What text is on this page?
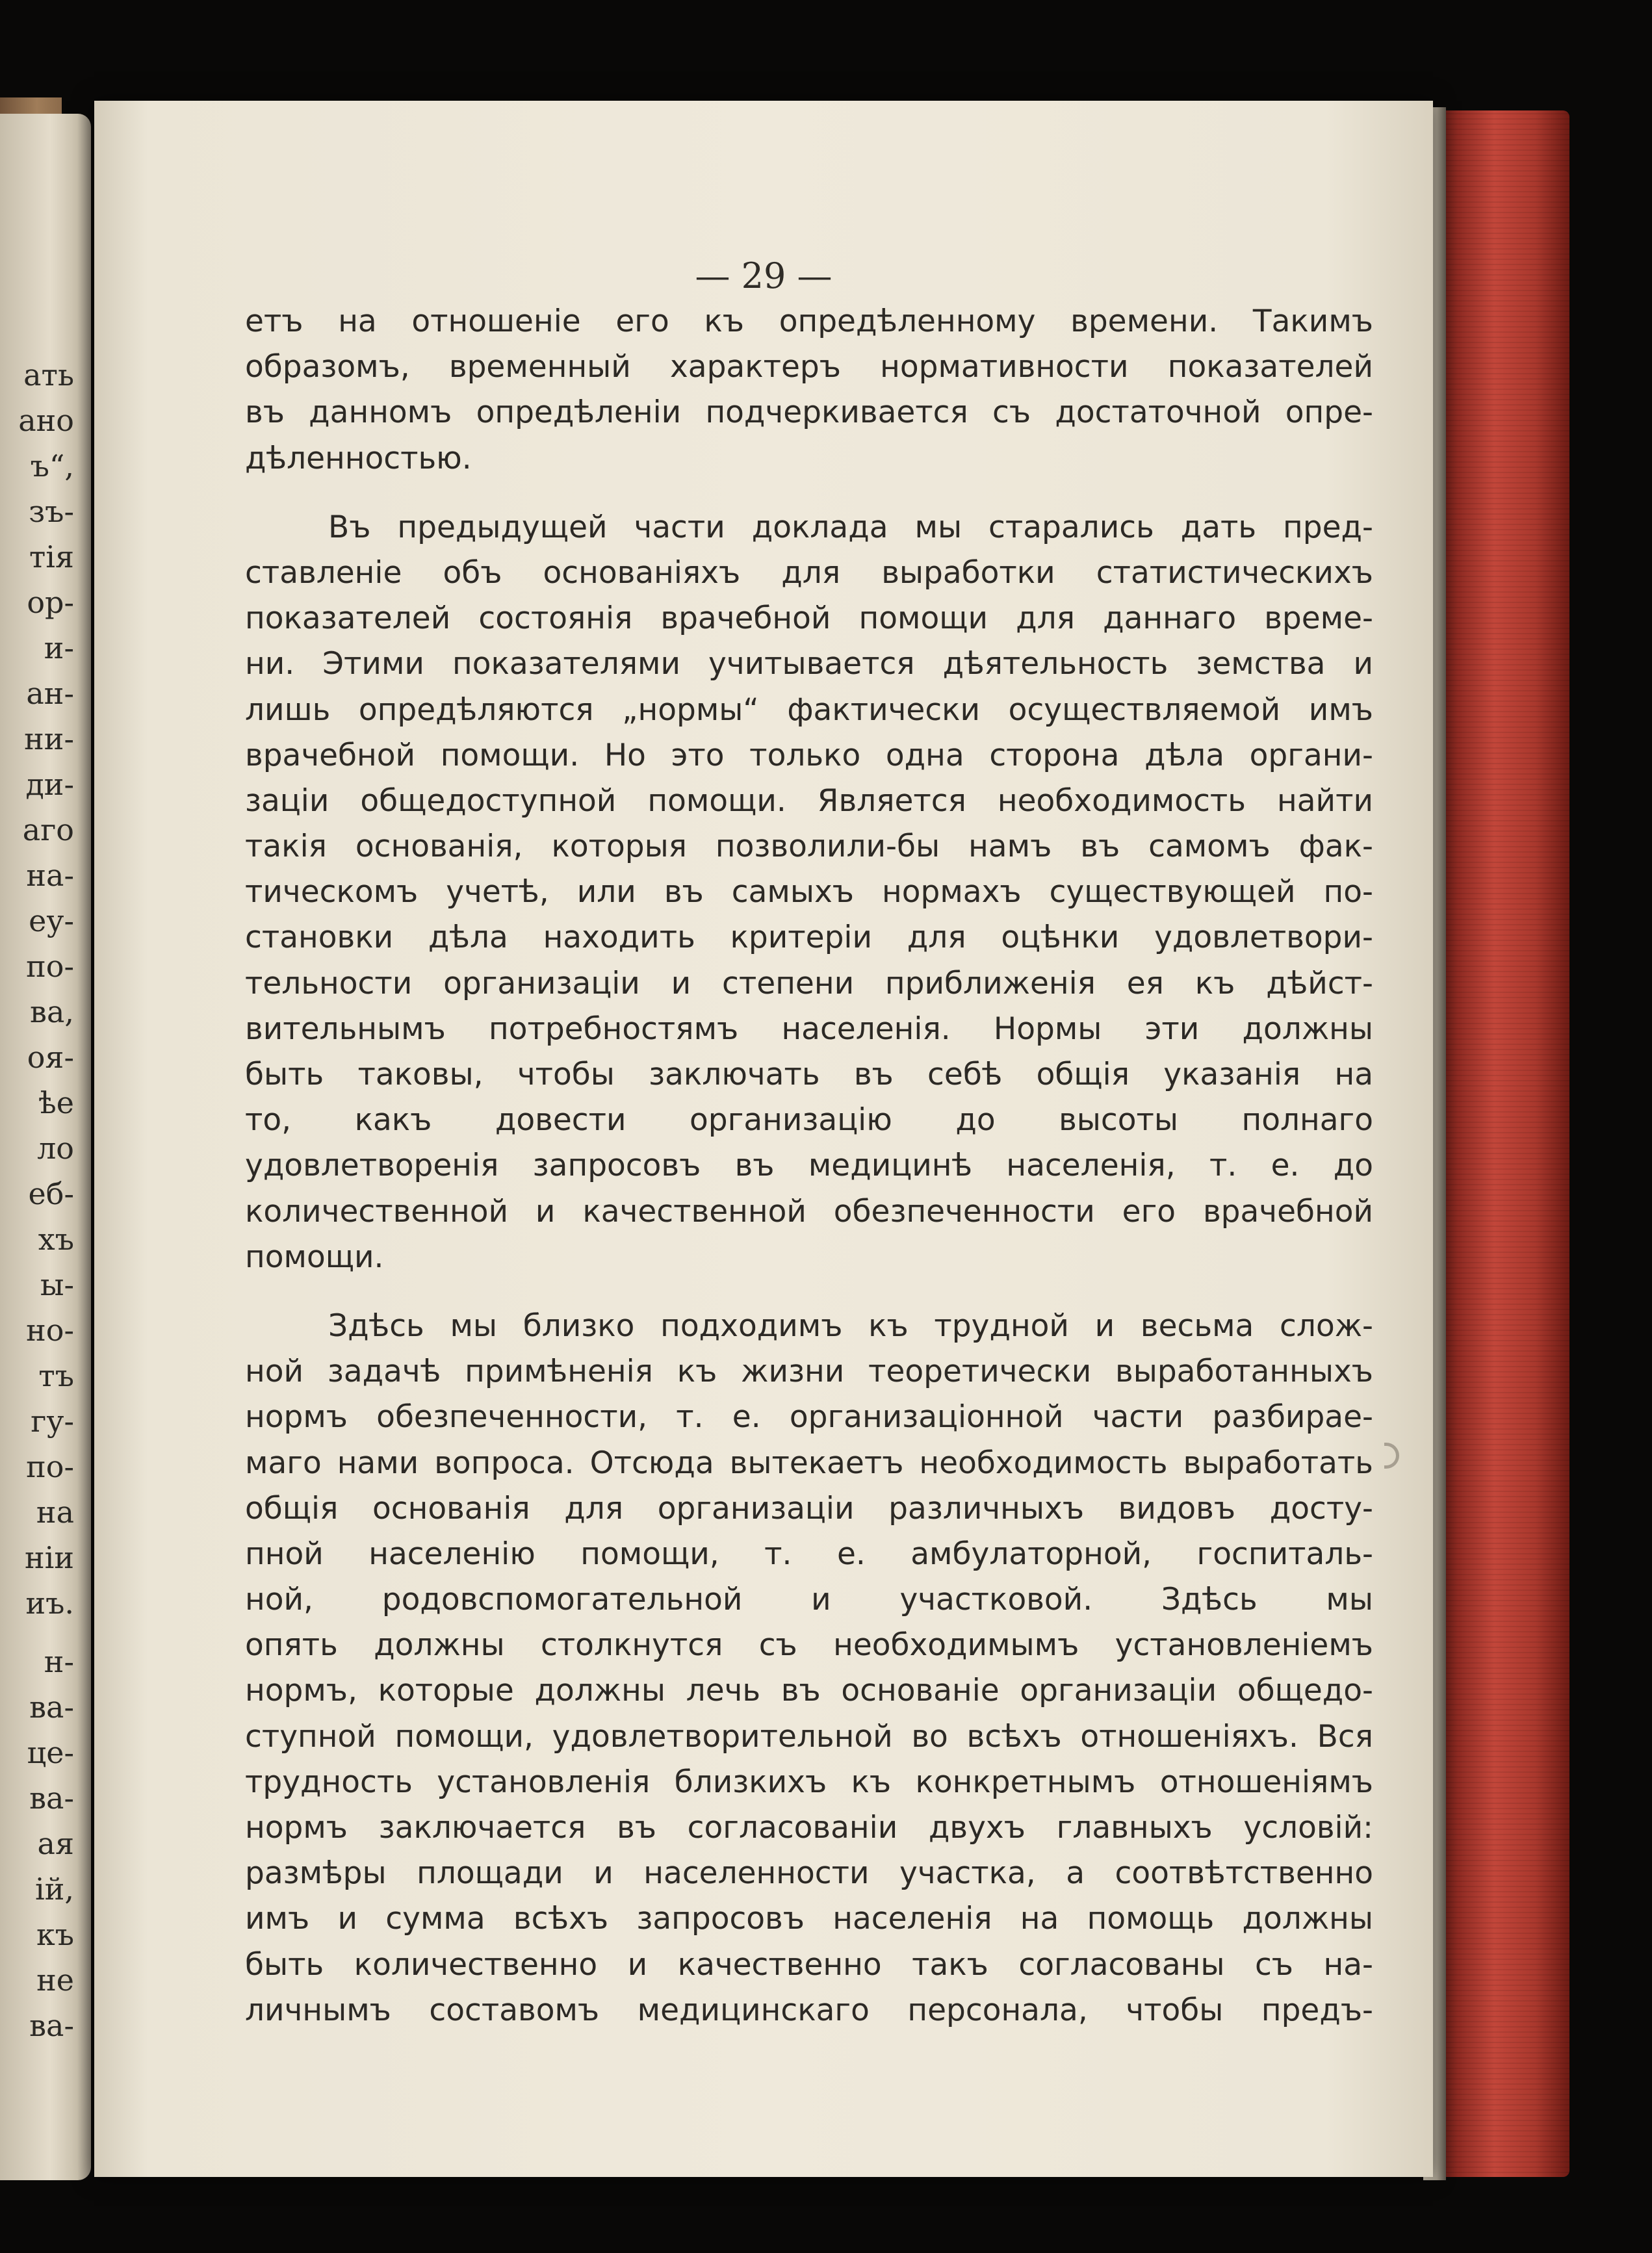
ать

ано

ъ“,

зъ-

тія

ор-

и-

ан-

ни-

ди-

аго

на-

еу-

по-

ва,

оя-

ѣе

ло

еб-

хъ

ы-

но-

тъ

гу-

по-

на

ніи

иъ.

н-

ва-

це-

ва-

ая

ій,

къ

не

ва-

— 29 —

етъ на отношеніе его къ опредѣленному времени. Такимъ

образомъ, временный характеръ нормативности показателей

въ данномъ опредѣленіи подчеркивается съ достаточной опре-

дѣленностью.

Въ предыдущей части доклада мы старались дать пред-

ставленіе объ основаніяхъ для выработки статистическихъ

показателей состоянія врачебной помощи для даннаго време-

ни. Этими показателями учитывается дѣятельность земства и

лишь опредѣляются „нормы“ фактически осуществляемой имъ

врачебной помощи. Но это только одна сторона дѣла органи-

заціи общедоступной помощи. Является необходимость найти

такія основанія, которыя позволили-бы намъ въ самомъ фак-

тическомъ учетѣ, или въ самыхъ нормахъ существующей по-

становки дѣла находить критеріи для оцѣнки удовлетвори-

тельности организаціи и степени приближенія ея къ дѣйст-

вительнымъ потребностямъ населенія. Нормы эти должны

быть таковы, чтобы заключать въ себѣ общія указанія на

то, какъ довести организацію до высоты полнаго

удовлетворенія запросовъ въ медицинѣ населенія, т. е. до

количественной и качественной обезпеченности его врачебной

помощи.

Здѣсь мы близко подходимъ къ трудной и весьма слож-

ной задачѣ примѣненія къ жизни теоретически выработанныхъ

нормъ обезпеченности, т. е. организаціонной части разбирае-

маго нами вопроса. Отсюда вытекаетъ необходимость выработать

общія основанія для организаціи различныхъ видовъ досту-

пной населенію помощи, т. е. амбулаторной, госпиталь-

ной, родовспомогательной и участковой. Здѣсь мы

опять должны столкнутся съ необходимымъ установленіемъ

нормъ, которые должны лечь въ основаніе организаціи общедо-

ступной помощи, удовлетворительной во всѣхъ отношеніяхъ. Вся

трудность установленія близкихъ къ конкретнымъ отношеніямъ

нормъ заключается въ согласованіи двухъ главныхъ условій:

размѣры площади и населенности участка, а соотвѣтственно

имъ и сумма всѣхъ запросовъ населенія на помощь должны

быть количественно и качественно такъ согласованы съ на-

личнымъ составомъ медицинскаго персонала, чтобы предъ-
